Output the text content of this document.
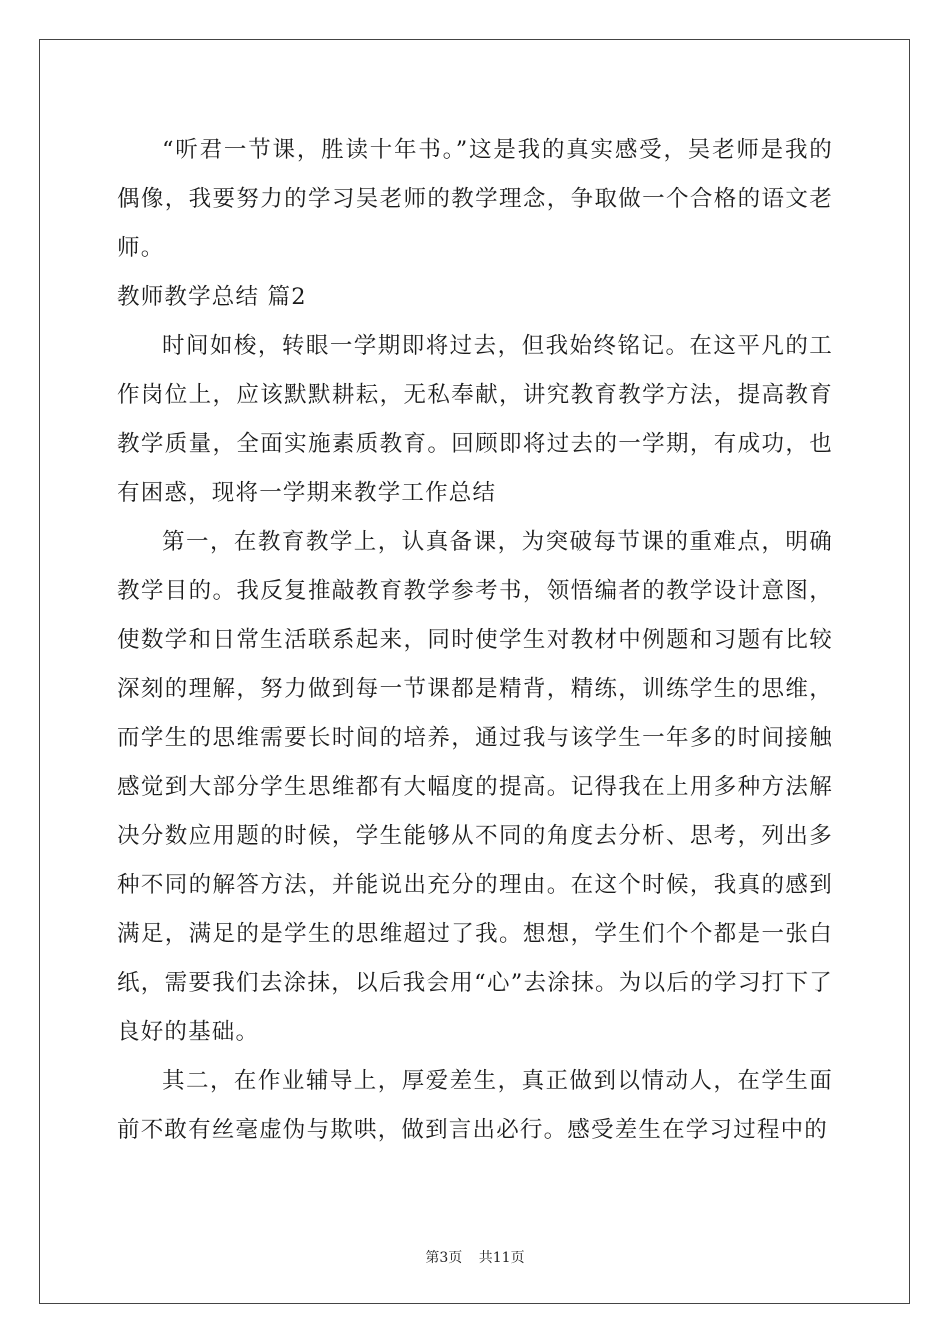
“听君一节课，胜读十年书。”这是我的真实感受，吴老师是我的偶像，我要努力的学习吴老师的教学理念，争取做一个合格的语文老师。

教师教学总结 篇2

时间如梭，转眼一学期即将过去，但我始终铭记。在这平凡的工作岗位上，应该默默耕耘，无私奉献，讲究教育教学方法，提高教育教学质量，全面实施素质教育。回顾即将过去的一学期，有成功，也有困惑，现将一学期来教学工作总结

第一，在教育教学上，认真备课，为突破每节课的重难点，明确教学目的。我反复推敲教育教学参考书，领悟编者的教学设计意图，使数学和日常生活联系起来，同时使学生对教材中例题和习题有比较深刻的理解，努力做到每一节课都是精背，精练，训练学生的思维，而学生的思维需要长时间的培养，通过我与该学生一年多的时间接触感觉到大部分学生思维都有大幅度的提高。记得我在上用多种方法解决分数应用题的时候，学生能够从不同的角度去分析、思考，列出多种不同的解答方法，并能说出充分的理由。在这个时候，我真的感到满足，满足的是学生的思维超过了我。想想，学生们个个都是一张白纸，需要我们去涂抹，以后我会用“心”去涂抹。为以后的学习打下了良好的基础。

其二，在作业辅导上，厚爱差生，真正做到以情动人，在学生面前不敢有丝毫虚伪与欺哄，做到言出必行。感受差生在学习过程中的

第3页 共11页
